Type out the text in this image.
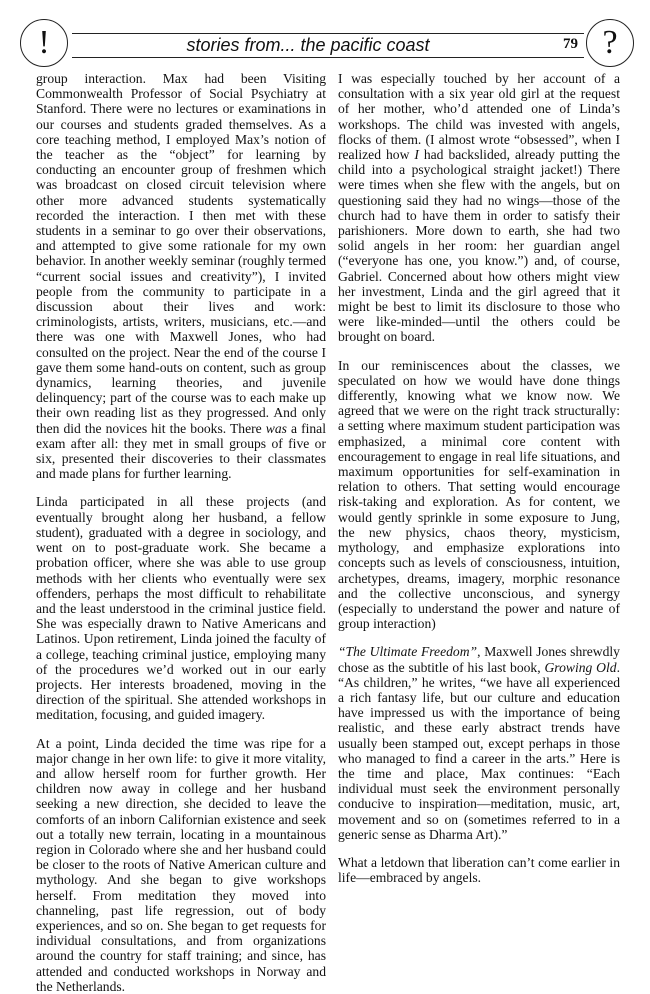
!	stories from... the pacific coast	79 ?

group interaction. Max had been Visiting Commonwealth Professor of Social Psychiatry at Stanford. There were no lectures or examinations in our courses and students graded themselves. As a core teaching method, I employed Max’s notion of the teacher as the “object” for learning by conducting an encounter group of freshmen which was broadcast on closed circuit television where other more advanced students systematically recorded the interaction. I then met with these students in a seminar to go over their observations, and attempted to give some rationale for my own behavior. In another weekly seminar (roughly termed “current social issues and creativity”), I invited people from the community to participate in a discussion about their lives and work: criminologists, artists, writers, musicians, etc.—and there was one with Maxwell Jones, who had consulted on the project. Near the end of the course I gave them some hand-outs on content, such as group dynamics, learning theories, and juvenile delinquency; part of the course was to each make up their own reading list as they progressed. And only then did the novices hit the books. There was a final exam after all: they met in small groups of five or six, presented their discoveries to their classmates and made plans for further learning.

Linda participated in all these projects (and eventually brought along her husband, a fellow student), graduated with a degree in sociology, and went on to post-graduate work. She became a probation officer, where she was able to use group methods with her clients who eventually were sex offenders, perhaps the most difficult to rehabilitate and the least understood in the criminal justice field. She was especially drawn to Native Americans and Latinos. Upon retirement, Linda joined the faculty of a college, teaching criminal justice, employing many of the procedures we’d worked out in our early projects. Her interests broadened, moving in the direction of the spiritual. She attended workshops in meditation, focusing, and guided imagery.

At a point, Linda decided the time was ripe for a major change in her own life: to give it more vitality, and allow herself room for further growth. Her children now away in college and her husband seeking a new direction, she decided to leave the comforts of an inborn Californian existence and seek out a totally new terrain, locating in a mountainous region in Colorado where she and her husband could be closer to the roots of Native American culture and mythology. And she began to give workshops herself. From meditation they moved into channeling, past life regression, out of body experiences, and so on. She began to get requests for individual consultations, and from organizations around the country for staff training; and since, has attended and conducted workshops in Norway and the Netherlands.

I was especially touched by her account of a consultation with a six year old girl at the request of her mother, who’d attended one of Linda’s workshops. The child was invested with angels, flocks of them. (I almost wrote “obsessed”, when I realized how I had backslided, already putting the child into a psychological straight jacket!) There were times when she flew with the angels, but on questioning said they had no wings—those of the church had to have them in order to satisfy their parishioners. More down to earth, she had two solid angels in her room: her guardian angel (“everyone has one, you know.”) and, of course, Gabriel. Concerned about how others might view her investment, Linda and the girl agreed that it might be best to limit its disclosure to those who were like-minded—until the others could be brought on board.

In our reminiscences about the classes, we speculated on how we would have done things differently, knowing what we know now. We agreed that we were on the right track structurally: a setting where maximum student participation was emphasized, a minimal core content with encouragement to engage in real life situations, and maximum opportunities for self-examination in relation to others. That setting would encourage risk-taking and exploration. As for content, we would gently sprinkle in some exposure to Jung, the new physics, chaos theory, mysticism, mythology, and emphasize explorations into concepts such as levels of consciousness, intuition, archetypes, dreams, imagery, morphic resonance and the collective unconscious, and synergy (especially to understand the power and nature of group interaction)

“The Ultimate Freedom”, Maxwell Jones shrewdly chose as the subtitle of his last book, Growing Old. “As children,” he writes, “we have all experienced a rich fantasy life, but our culture and education have impressed us with the importance of being realistic, and these early abstract trends have usually been stamped out, except perhaps in those who managed to find a career in the arts.” Here is the time and place, Max continues: “Each individual must seek the environment personally conducive to inspiration—meditation, music, art, movement and so on (sometimes referred to in a generic sense as Dharma Art).”

What a letdown that liberation can’t come earlier in life—embraced by angels.
